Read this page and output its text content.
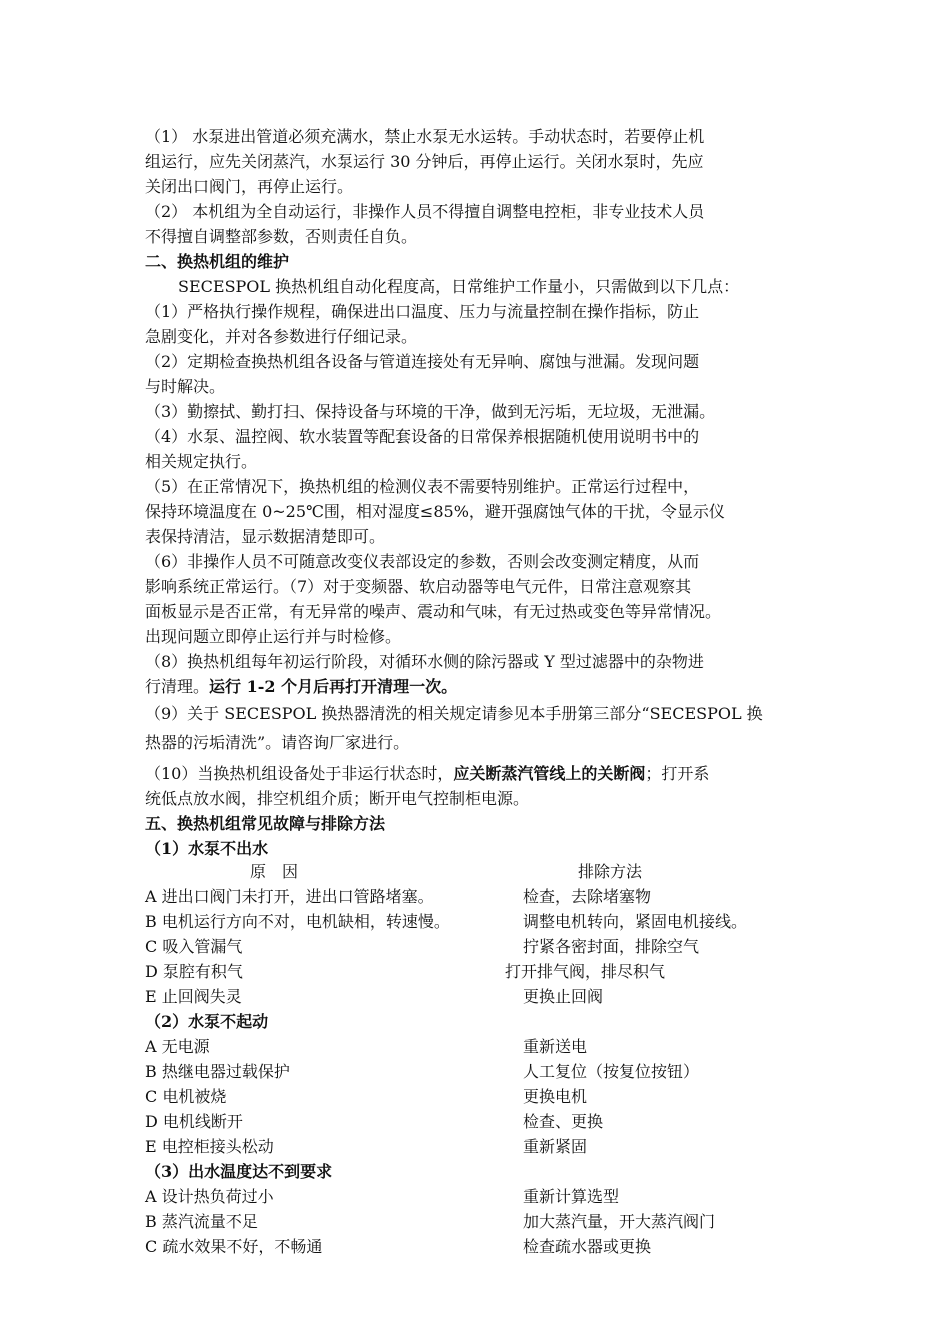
（1） 水泵进出管道必须充满水，禁止水泵无水运转。手动状态时，若要停止机
组运行，应先关闭蒸汽，水泵运行 30 分钟后，再停止运行。关闭水泵时，先应
关闭出口阀门，再停止运行。
（2） 本机组为全自动运行，非操作人员不得擅自调整电控柜，非专业技术人员
不得擅自调整部参数，否则责任自负。
二、换热机组的维护
SECESPOL 换热机组自动化程度高，日常维护工作量小，只需做到以下几点：
（1）严格执行操作规程，确保进出口温度、压力与流量控制在操作指标，防止
急剧变化，并对各参数进行仔细记录。
（2）定期检查换热机组各设备与管道连接处有无异响、腐蚀与泄漏。发现问题
与时解决。
（3）勤擦拭、勤打扫、保持设备与环境的干净，做到无污垢，无垃圾，无泄漏。
（4）水泵、温控阀、软水装置等配套设备的日常保养根据随机使用说明书中的
相关规定执行。
（5）在正常情况下，换热机组的检测仪表不需要特别维护。正常运行过程中，
保持环境温度在 0~25℃围，相对湿度≤85%，避开强腐蚀气体的干扰，令显示仪
表保持清洁，显示数据清楚即可。
（6）非操作人员不可随意改变仪表部设定的参数，否则会改变测定精度，从而
影响系统正常运行。（7）对于变频器、软启动器等电气元件，日常注意观察其
面板显示是否正常，有无异常的噪声、震动和气味，有无过热或变色等异常情况。
出现问题立即停止运行并与时检修。
（8）换热机组每年初运行阶段，对循环水侧的除污器或 Y 型过滤器中的杂物进
行清理。运行 1-2 个月后再打开清理一次。
（9）关于 SECESPOL 换热器清洗的相关规定请参见本手册第三部分“SECESPOL 换
热器的污垢清洗”。请咨询厂家进行。
（10）当换热机组设备处于非运行状态时，应关断蒸汽管线上的关断阀；打开系
统低点放水阀，排空机组介质；断开电气控制柜电源。
五、换热机组常见故障与排除方法
（1）水泵不出水
原　因	排除方法
A 进出口阀门未打开，进出口管路堵塞。	检查，去除堵塞物
B 电机运行方向不对，电机缺相，转速慢。	调整电机转向，紧固电机接线。
C 吸入管漏气	拧紧各密封面，排除空气
D 泵腔有积气	打开排气阀，排尽积气
E 止回阀失灵	更换止回阀
（2）水泵不起动
A 无电源	重新送电
B 热继电器过载保护	人工复位（按复位按钮）
C 电机被烧	更换电机
D 电机线断开	检查、更换
E 电控柜接头松动	重新紧固
（3）出水温度达不到要求
A 设计热负荷过小	重新计算选型
B 蒸汽流量不足	加大蒸汽量，开大蒸汽阀门
C 疏水效果不好，不畅通	检查疏水器或更换
